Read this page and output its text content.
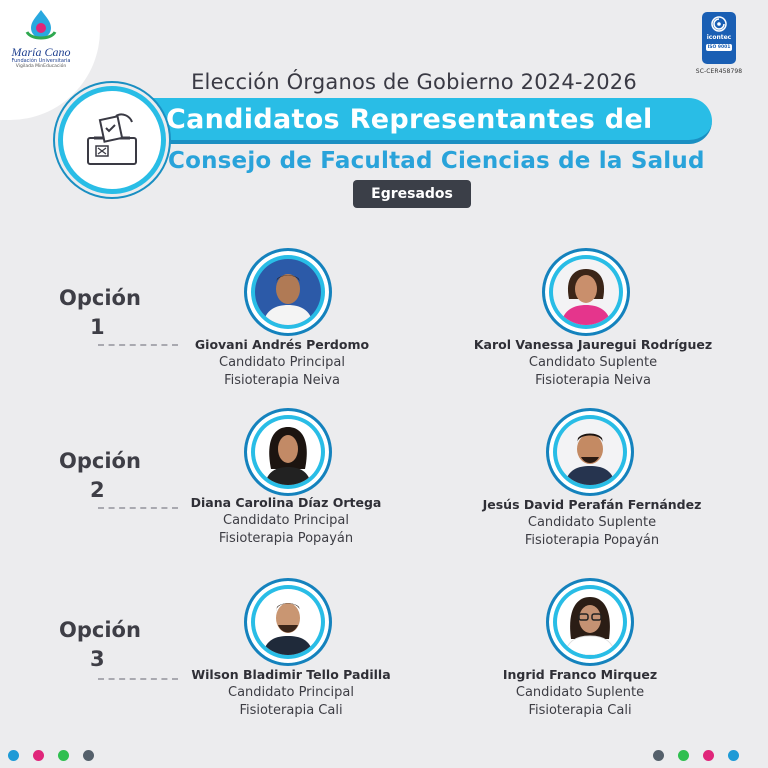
María Cano
Fundación Universitaria
Vigilada MinEducación
icontec
ISO 9001
SC-CER458798
Elección Órganos de Gobierno 2024-2026
Candidatos Representantes del
Consejo de Facultad Ciencias de la Salud
Egresados
Opción
1
Giovani Andrés Perdomo
Candidato Principal
Fisioterapia Neiva
Karol Vanessa Jauregui Rodríguez
Candidato Suplente
Fisioterapia Neiva
Opción
2
Diana Carolina Díaz Ortega
Candidato Principal
Fisioterapia Popayán
Jesús David Perafán Fernández
Candidato Suplente
Fisioterapia Popayán
Opción
3
Wilson Bladimir Tello Padilla
Candidato Principal
Fisioterapia Cali
Ingrid Franco Mirquez
Candidato Suplente
Fisioterapia Cali
